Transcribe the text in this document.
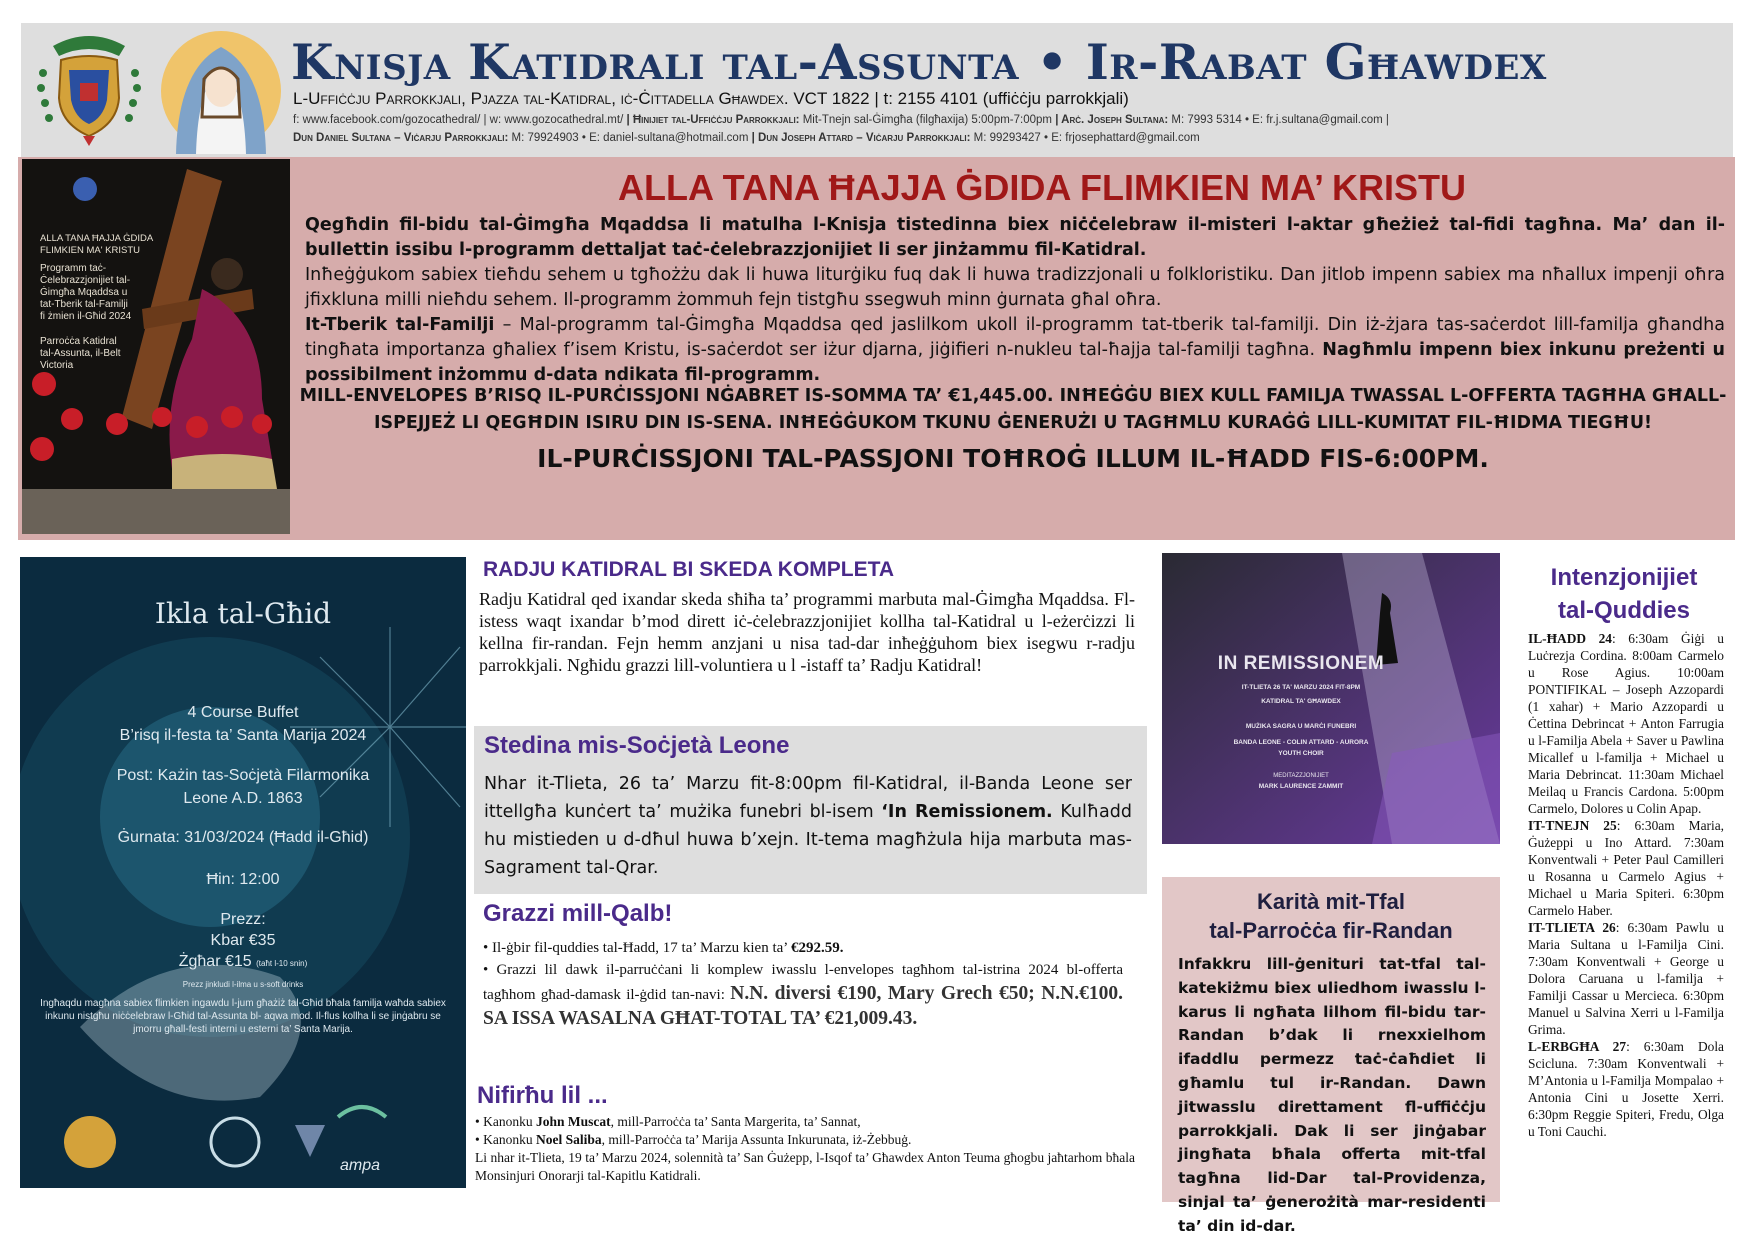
Knisja Katidrali tal-Assunta • Ir-Rabat Għawdex
L-Uffiċċju Parrokkjali, Pjazza tal-Katidral, iċ-Ċittadella Għawdex. VCT 1822 | t: 2155 4101 (uffiċċju parrokkjali)
f: www.facebook.com/gozocathedral/ | w: www.gozocathedral.mt/ | Ħinijiet tal-Uffiċċju Parrokkjali: Mit-Tnejn sal-Ġimgħa (filgħaxija) 5:00pm-7:00pm | Arċ. Joseph Sultana: M: 7993 5314 • E: fr.j.sultana@gmail.com |
Dun Daniel Sultana – Viċarju Parrokkjali: M: 79924903 • E: daniel-sultana@hotmail.com | Dun Joseph Attard – Viċarju Parrokkjali: M: 99293427 • E: frjosephattard@gmail.com
ALLA TANA ĦAJJA ĠDIDA FLIMKIEN MA' KRISTU
Programm taċ-Ċelebrazzjonijiet tal-Ġimgħa Mqaddsa u tat-Tberik tal-Familji fi żmien il-Għid 2024
Parroċċa Katidral tal-Assunta, il-Belt Victoria
ALLA TANA ĦAJJA ĠDIDA FLIMKIEN MA’ KRISTU

Qegħdin fil-bidu tal-Ġimgħa Mqaddsa li matulha l-Knisja tistedinna biex niċċelebraw il-misteri l-aktar għeżież tal-fidi tagħna. Ma’ dan il-bullettin issibu l-programm dettaljat taċ-ċelebrazzjonijiet li ser jinżammu fil-Katidral.

Inħeġġukom sabiex tieħdu sehem u tgħożżu dak li huwa liturġiku fuq dak li huwa tradizzjonali u folkloristiku. Dan jitlob impenn sabiex ma nħallux impenji oħra jfixkluna milli nieħdu sehem. Il-programm żommuh fejn tistgħu ssegwuh minn ġurnata għal oħra.

It-Tberik tal-Familji – Mal-programm tal-Ġimgħa Mqaddsa qed jaslilkom ukoll il-programm tat-tberik tal-familji. Din iż-żjara tas-saċerdot lill-familja għandha tingħata importanza għaliex f’isem Kristu, is-saċerdot ser iżur djarna, jiġifieri n-nukleu tal-ħajja tal-familji tagħna. Nagħmlu impenn biex inkunu preżenti u possibilment inżommu d-data ndikata fil-programm.

MILL-ENVELOPES B’RISQ IL-PURĊISSJONI NĠABRET IS-SOMMA TA’ €1,445.00. INĦEĠĠU BIEX KULL FAMILJA TWASSAL L-OFFERTA TAGĦHA GĦALL-ISPEJJEŻ LI QEGĦDIN ISIRU DIN IS-SENA. INĦEĠĠUKOM TKUNU ĠENERUŻI U TAGĦMLU KURAĠĠ LILL-KUMITAT FIL-ĦIDMA TIEGĦU!

IL-PURĊISSJONI TAL-PASSJONI TOĦROĠ ILLUM IL-ĦADD FIS-6:00PM.

Ikla tal-Għid
4 Course Buffet
B’risq il-festa ta’ Santa Marija 2024
Post: Każin tas-Soċjetà Filarmonika
Leone A.D. 1863
Ġurnata: 31/03/2024 (Ħadd il-Għid)
Ħin: 12:00
Prezz:
Kbar €35
Żgħar €15 (taħt l-10 snin)
Prezz jinkludi l-ilma u s-soft drinks
Ingħaqdu magħna sabiex flimkien ingawdu l-jum għażiż tal-Għid bħala familja waħda sabiex inkunu nistgħu niċċelebraw l-Għid tal-Assunta bl- aqwa mod. Il-flus kollha li se jinġabru se jmorru għall-festi interni u esterni ta’ Santa Marija.
ampa
RADJU KATIDRAL BI SKEDA KOMPLETA

Radju Katidral qed ixandar skeda sħiħa ta’ programmi marbuta mal-Ġimgħa Mqaddsa. Fl-istess waqt ixandar b’mod dirett iċ-ċelebrazzjonijiet kollha tal-Katidral u l-eżerċizzi li kellna fir-randan. Fejn hemm anzjani u nisa tad-dar inħeġġuhom biex isegwu r-radju parrokkjali. Ngħidu grazzi lill-voluntiera u l -istaff ta’ Radju Katidral!

Stedina mis-Soċjetà Leone

Nhar it-Tlieta, 26 ta’ Marzu fit-8:00pm fil-Katidral, il-Banda Leone ser ittellgħa kunċert ta’ mużika funebri bl-isem ‘In Remissionem. Kulħadd hu mistieden u d-dħul huwa b’xejn. It-tema magħżula hija marbuta mas-Sagrament tal-Qrar.

Grazzi mill-Qalb!

• Il-ġbir fil-quddies tal-Ħadd, 17 ta’ Marzu kien ta’ €292.59.

• Grazzi lil dawk il-parruċċani li komplew iwasslu l-envelopes tagħhom tal-istrina 2024 bl-offerta tagħhom għad-damask il-ġdid tan-navi: N.N. diversi €190, Mary Grech €50; N.N.€100. SA ISSA WASALNA GĦAT-TOTAL TA’ €21,009.43.

Nifirħu lil ...

• Kanonku John Muscat, mill-Parroċċa ta’ Santa Margerita, ta’ Sannat,

• Kanonku Noel Saliba, mill-Parroċċa ta’ Marija Assunta Inkurunata, iż-Żebbuġ.

Li nhar it-Tlieta, 19 ta’ Marzu 2024, solennità ta’ San Ġużepp, l-Isqof ta’ Għawdex Anton Teuma għogbu jaħtarhom bħala Monsinjuri Onorarji tal-Kapitlu Katidrali.

IN REMISSIONEM
IT-TLIETA 26 TA' MARZU 2024 FIT-8PM
KATIDRAL TA' GĦAWDEX
MUŻIKA SAGRA U MARĊI FUNEBRI
BANDA LEONE - COLIN ATTARD - AURORA
YOUTH CHOIR
MEDITAZZJONIJIET
MARK LAURENCE ZAMMIT
Karità mit-Tfal
tal-Parroċċa fir-Randan

Infakkru lill-ġenituri tat-tfal tal-katekiżmu biex uliedhom iwasslu l-karus li ngħata lilhom fil-bidu tar-Randan b’dak li rnexxielhom ifaddlu permezz taċ-ċaħdiet li għamlu tul ir-Randan. Dawn jitwasslu direttament fl-uffiċċju parrokkjali. Dak li ser jinġabar jingħata bħala offerta mit-tfal tagħna lid-Dar tal-Providenza, sinjal ta’ ġenerożità mar-residenti ta’ din id-dar.

Intenzjonijiet
tal-Quddies

IL-ĦADD 24: 6:30am Ġiġi u Luċrezja Cordina. 8:00am Carmelo u Rose Agius. 10:00am PONTIFIKAL – Joseph Azzopardi (1 xahar) + Mario Azzopardi u Ċettina Debrincat + Anton Farrugia u l-Familja Abela + Saver u Pawlina Micallef u l-familja + Michael u Maria Debrincat. 11:30am Michael Meilaq u Francis Cardona. 5:00pm Carmelo, Dolores u Colin Apap.

IT-TNEJN 25: 6:30am Maria, Ġużeppi u Ino Attard. 7:30am Konventwali + Peter Paul Camilleri u Rosanna u Carmelo Agius + Michael u Maria Spiteri. 6:30pm Carmelo Haber.

IT-TLIETA 26: 6:30am Pawlu u Maria Sultana u l-Familja Cini. 7:30am Konventwali + George u Dolora Caruana u l-familja + Familji Cassar u Mercieca. 6:30pm Manuel u Salvina Xerri u l-Familja Grima.

L-ERBGĦA 27: 6:30am Dola Scicluna. 7:30am Konventwali + M’Antonia u l-Familja Mompalao + Antonia Cini u Josette Xerri. 6:30pm Reggie Spiteri, Fredu, Olga u Toni Cauchi.
